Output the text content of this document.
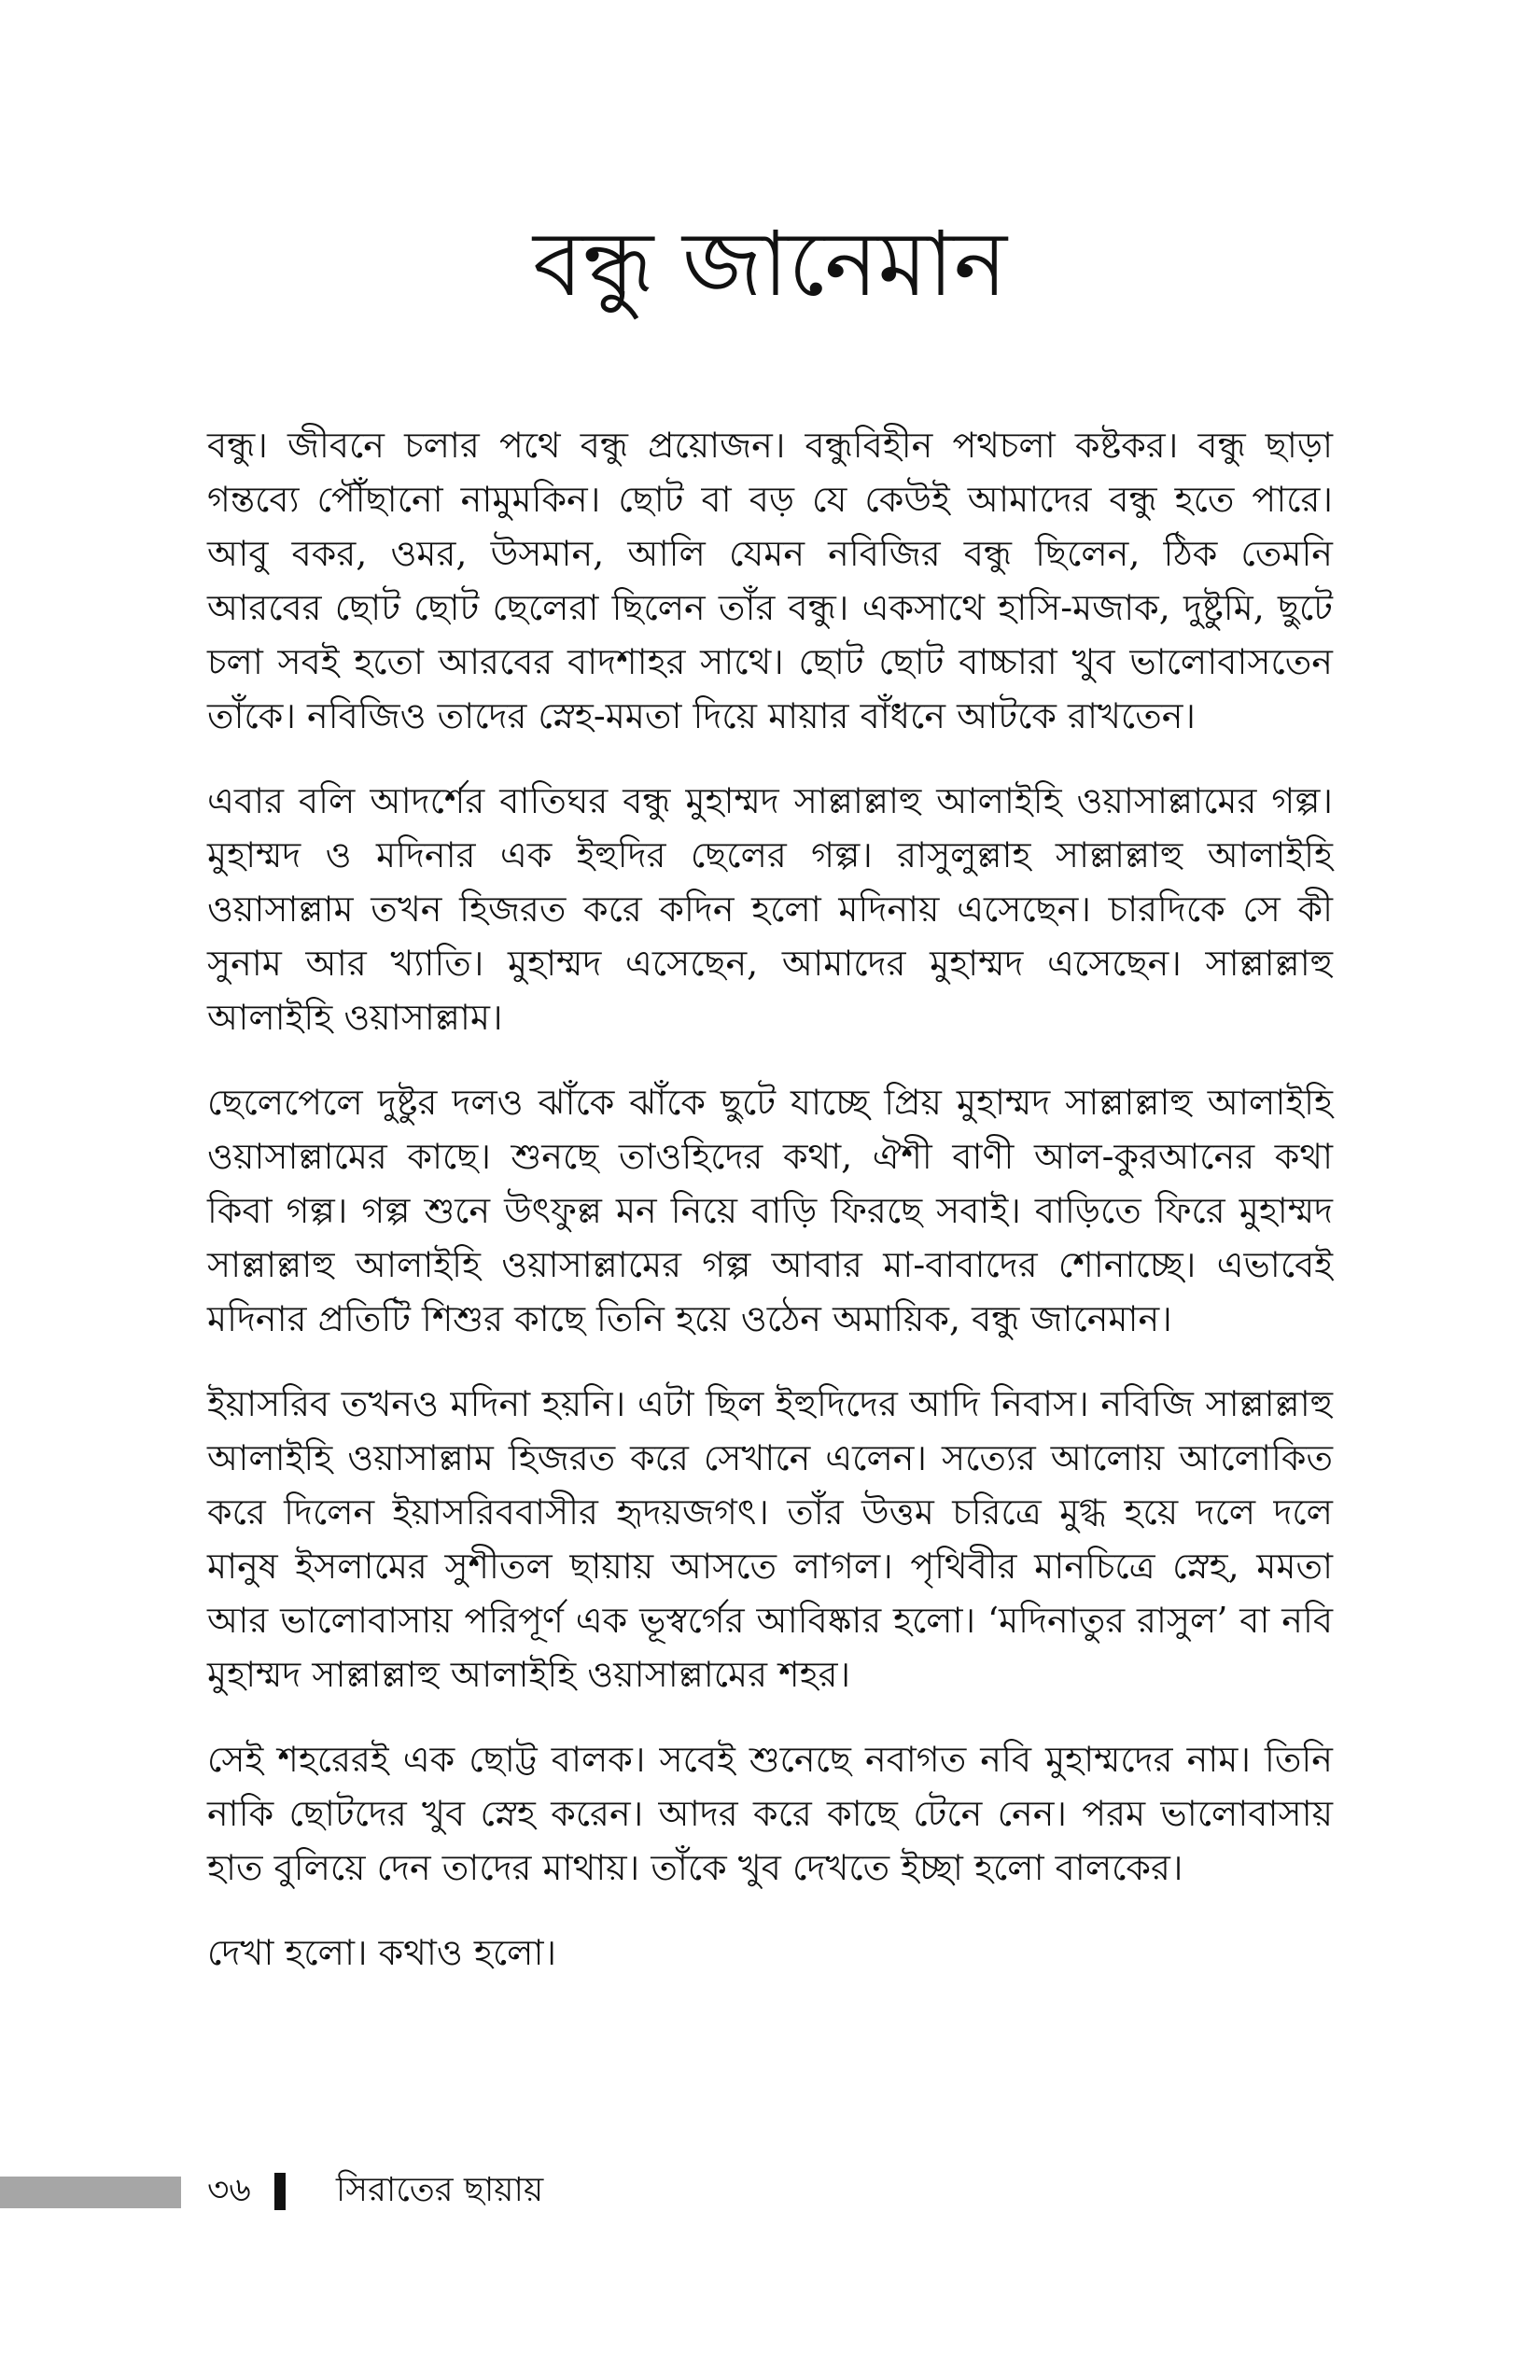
বন্ধু জানেমান

বন্ধু। জীবনে চলার পথে বন্ধু প্রয়োজন। বন্ধুবিহীন পথচলা কষ্টকর। বন্ধু ছাড়া গন্তব্যে পৌঁছানো নামুমকিন। ছোট বা বড় যে কেউই আমাদের বন্ধু হতে পারে। আবু বকর, ওমর, উসমান, আলি যেমন নবিজির বন্ধু ছিলেন, ঠিক তেমনি আরবের ছোট ছোট ছেলেরা ছিলেন তাঁর বন্ধু। একসাথে হাসি-মজাক, দুষ্টুমি, ছুটে চলা সবই হতো আরবের বাদশাহর সাথে। ছোট ছোট বাচ্চারা খুব ভালোবাসতেন তাঁকে। নবিজিও তাদের স্নেহ-মমতা দিয়ে মায়ার বাঁধনে আটকে রাখতেন।

এবার বলি আদর্শের বাতিঘর বন্ধু মুহাম্মদ সাল্লাল্লাহু আলাইহি ওয়াসাল্লামের গল্প। মুহাম্মদ ও মদিনার এক ইহুদির ছেলের গল্প। রাসুলুল্লাহ সাল্লাল্লাহু আলাইহি ওয়াসাল্লাম তখন হিজরত করে কদিন হলো মদিনায় এসেছেন। চারদিকে সে কী সুনাম আর খ্যাতি। মুহাম্মদ এসেছেন, আমাদের মুহাম্মদ এসেছেন। সাল্লাল্লাহু আলাইহি ওয়াসাল্লাম।

ছেলেপেলে দুষ্টুর দলও ঝাঁকে ঝাঁকে ছুটে যাচ্ছে প্রিয় মুহাম্মদ সাল্লাল্লাহু আলাইহি ওয়াসাল্লামের কাছে। শুনছে তাওহিদের কথা, ঐশী বাণী আল-কুরআনের কথা কিবা গল্প। গল্প শুনে উৎফুল্ল মন নিয়ে বাড়ি ফিরছে সবাই। বাড়িতে ফিরে মুহাম্মদ সাল্লাল্লাহু আলাইহি ওয়াসাল্লামের গল্প আবার মা-বাবাদের শোনাচ্ছে। এভাবেই মদিনার প্রতিটি শিশুর কাছে তিনি হয়ে ওঠেন অমায়িক, বন্ধু জানেমান।

ইয়াসরিব তখনও মদিনা হয়নি। এটা ছিল ইহুদিদের আদি নিবাস। নবিজি সাল্লাল্লাহু আলাইহি ওয়াসাল্লাম হিজরত করে সেখানে এলেন। সত্যের আলোয় আলোকিত করে দিলেন ইয়াসরিববাসীর হৃদয়জগৎ। তাঁর উত্তম চরিত্রে মুগ্ধ হয়ে দলে দলে মানুষ ইসলামের সুশীতল ছায়ায় আসতে লাগল। পৃথিবীর মানচিত্রে স্নেহ, মমতা আর ভালোবাসায় পরিপূর্ণ এক ভূস্বর্গের আবিষ্কার হলো। ‘মদিনাতুর রাসুল’ বা নবি মুহাম্মদ সাল্লাল্লাহু আলাইহি ওয়াসাল্লামের শহর।

সেই শহরেরই এক ছোট্ট বালক। সবেই শুনেছে নবাগত নবি মুহাম্মদের নাম। তিনি নাকি ছোটদের খুব স্নেহ করেন। আদর করে কাছে টেনে নেন। পরম ভালোবাসায় হাত বুলিয়ে দেন তাদের মাথায়। তাঁকে খুব দেখতে ইচ্ছা হলো বালকের।

দেখা হলো। কথাও হলো।

৩৬	সিরাতের ছায়ায়
